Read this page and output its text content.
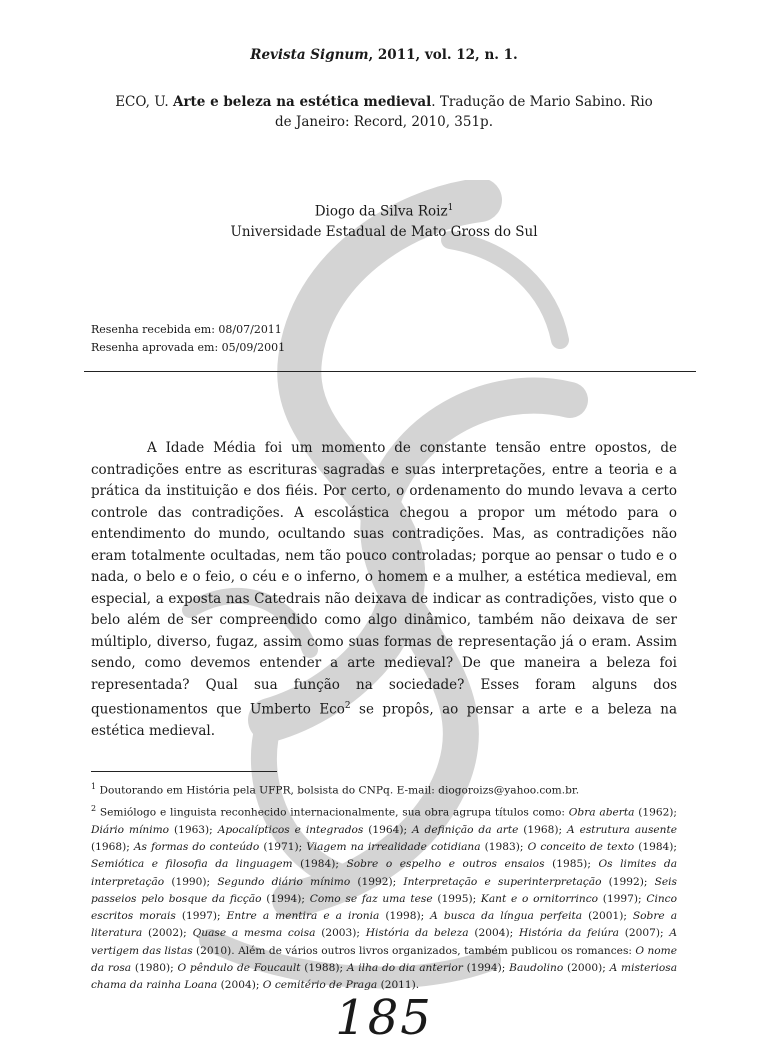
Revista Signum, 2011, vol. 12, n. 1.
ECO, U. Arte e beleza na estética medieval. Tradução de Mario Sabino. Rio de Janeiro: Record, 2010, 351p.
Diogo da Silva Roiz$^1$
Universidade Estadual de Mato Gross do Sul
Resenha recebida em: 08/07/2011
Resenha aprovada em: 05/09/2001

A Idade Média foi um momento de constante tensão entre opostos, de contradições entre as escrituras sagradas e suas interpretações, entre a teoria e a prática da instituição e dos fiéis. Por certo, o ordenamento do mundo levava a certo controle das contradições. A escolástica chegou a propor um método para o entendimento do mundo, ocultando suas contradições. Mas, as contradições não eram totalmente ocultadas, nem tão pouco controladas; porque ao pensar o tudo e o nada, o belo e o feio, o céu e o inferno, o homem e a mulher, a estética medieval, em especial, a exposta nas Catedrais não deixava de indicar as contradições, visto que o belo além de ser compreendido como algo dinâmico, também não deixava de ser múltiplo, diverso, fugaz, assim como suas formas de representação já o eram. Assim sendo, como devemos entender a arte medieval? De que maneira a beleza foi representada? Qual sua função na sociedade? Esses foram alguns dos questionamentos que Umberto Eco$^2$ se propôs, ao pensar a arte e a beleza na estética medieval.

$^1$ Doutorando em História pela UFPR, bolsista do CNPq. E-mail: diogoroizs@yahoo.com.br.

$^2$ Semiólogo e linguista reconhecido internacionalmente, sua obra agrupa títulos como: Obra aberta (1962); Diário mínimo (1963); Apocalípticos e integrados (1964); A definição da arte (1968); A estrutura ausente (1968); As formas do conteúdo (1971); Viagem na irrealidade cotidiana (1983); O conceito de texto (1984); Semiótica e filosofia da linguagem (1984); Sobre o espelho e outros ensaios (1985); Os limites da interpretação (1990); Segundo diário mínimo (1992); Interpretação e superinterpretação (1992); Seis passeios pelo bosque da ficção (1994); Como se faz uma tese (1995); Kant e o ornitorrinco (1997); Cinco escritos morais (1997); Entre a mentira e a ironia (1998); A busca da língua perfeita (2001); Sobre a literatura (2002); Quase a mesma coisa (2003); História da beleza (2004); História da feiúra (2007); A vertigem das listas (2010). Além de vários outros livros organizados, também publicou os romances: O nome da rosa (1980); O pêndulo de Foucault (1988); A ilha do dia anterior (1994); Baudolino (2000); A misteriosa chama da rainha Loana (2004); O cemitério de Praga (2011).

185
